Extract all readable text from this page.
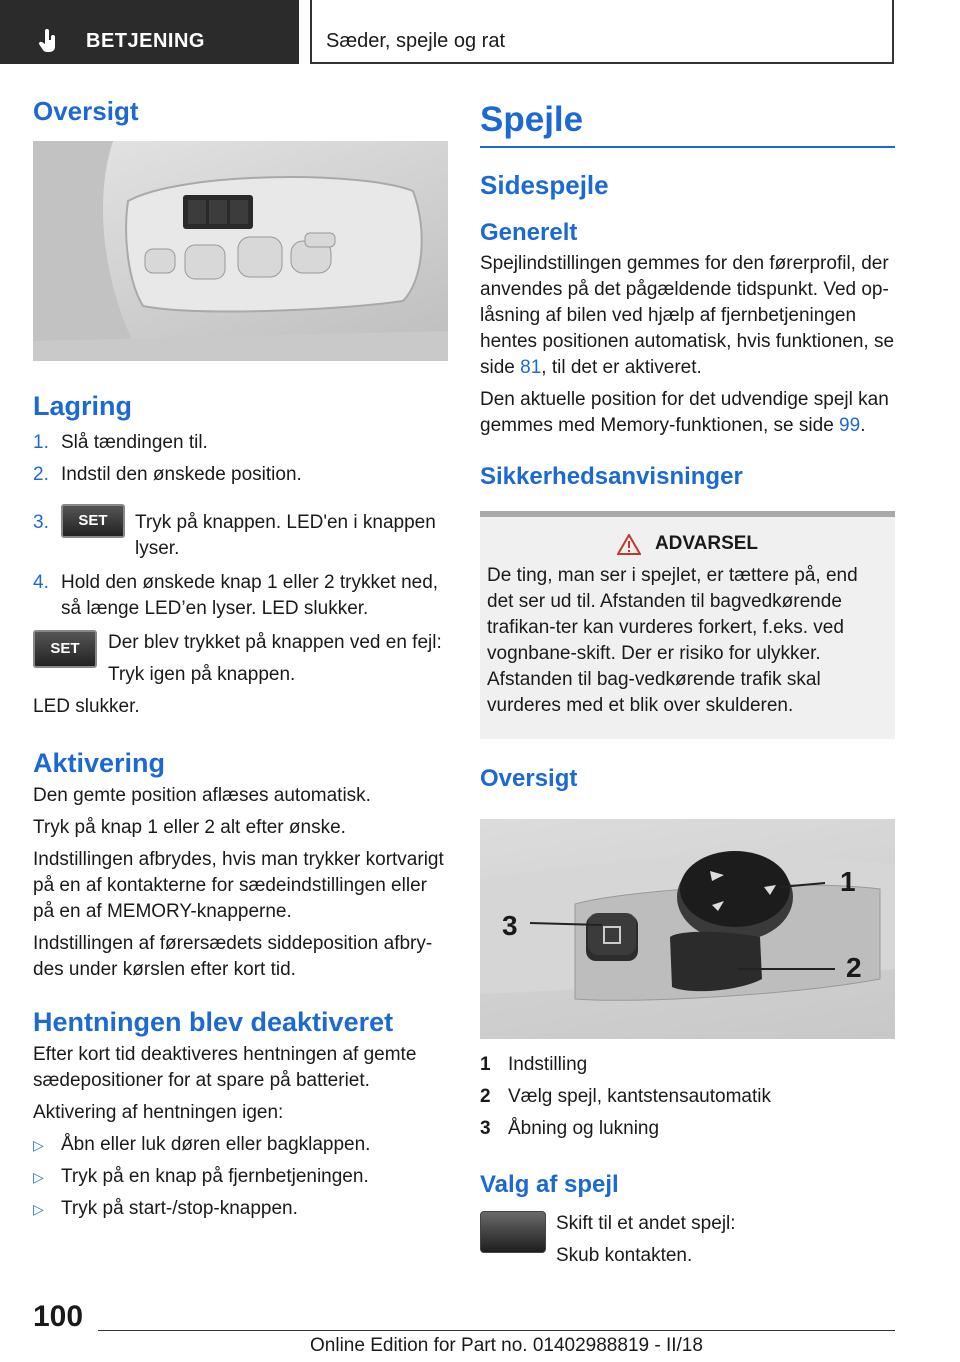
BETJENING	Sæder, spejle og rat
Oversigt
Lagring
1. Slå tændingen til.
2. Indstil den ønskede position.
3.	SET	Tryk på knappen. LED'en i knappen lyser.
4. Hold den ønskede knap 1 eller 2 trykket ned, så længe LED’en lyser. LED slukker.
SET	Der blev trykket på knappen ved en fejl:

Tryk igen på knappen.

LED slukker.

Aktivering

Den gemte position aflæses automatisk.

Tryk på knap 1 eller 2 alt efter ønske.

Indstillingen afbrydes, hvis man trykker kortvarigt på en af kontakterne for sædeindstillingen eller på en af MEMORY-knapperne.

Indstillingen af førersædets siddeposition afbry-des under kørslen efter kort tid.

Hentningen blev deaktiveret

Efter kort tid deaktiveres hentningen af gemte sædepositioner for at spare på batteriet.

Aktivering af hentningen igen:

▷ Åbn eller luk døren eller bagklappen.
▷ Tryk på en knap på fjernbetjeningen.
▷ Tryk på start-/stop-knappen.
Spejle
Sidespejle
Generelt

Spejlindstillingen gemmes for den førerprofil, der anvendes på det pågældende tidspunkt. Ved op-låsning af bilen ved hjælp af fjernbetjeningen hentes positionen automatisk, hvis funktionen, se side 81, til det er aktiveret.

Den aktuelle position for det udvendige spejl kan gemmes med Memory-funktionen, se side 99.

Sikkerhedsanvisninger
ADVARSEL

De ting, man ser i spejlet, er tættere på, end det ser ud til. Afstanden til bagvedkørende trafikan-ter kan vurderes forkert, f.eks. ved vognbane-skift. Der er risiko for ulykker. Afstanden til bag-vedkørende trafik skal vurderes med et blik over skulderen.

Oversigt
1
2
3
1 Indstilling
2 Vælg spejl, kantstensautomatik
3 Åbning og lukning
Valg af spejl

Skift til et andet spejl:

Skub kontakten.

100
Online Edition for Part no. 01402988819 - II/18
